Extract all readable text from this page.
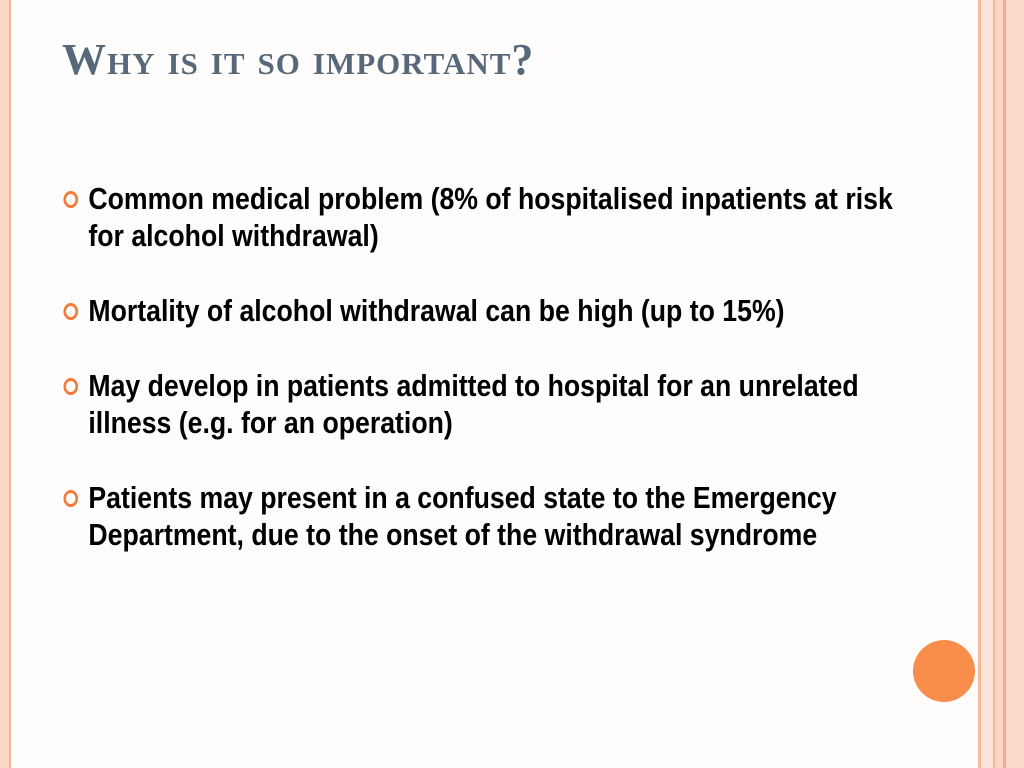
Why is it so important?
Common medical problem (8% of hospitalised inpatients at risk for alcohol withdrawal)
Mortality of alcohol withdrawal can be high (up to 15%)
May develop in patients admitted to hospital for an unrelated illness (e.g. for an operation)
Patients may present in a confused state to the Emergency Department, due to the onset of the withdrawal syndrome
